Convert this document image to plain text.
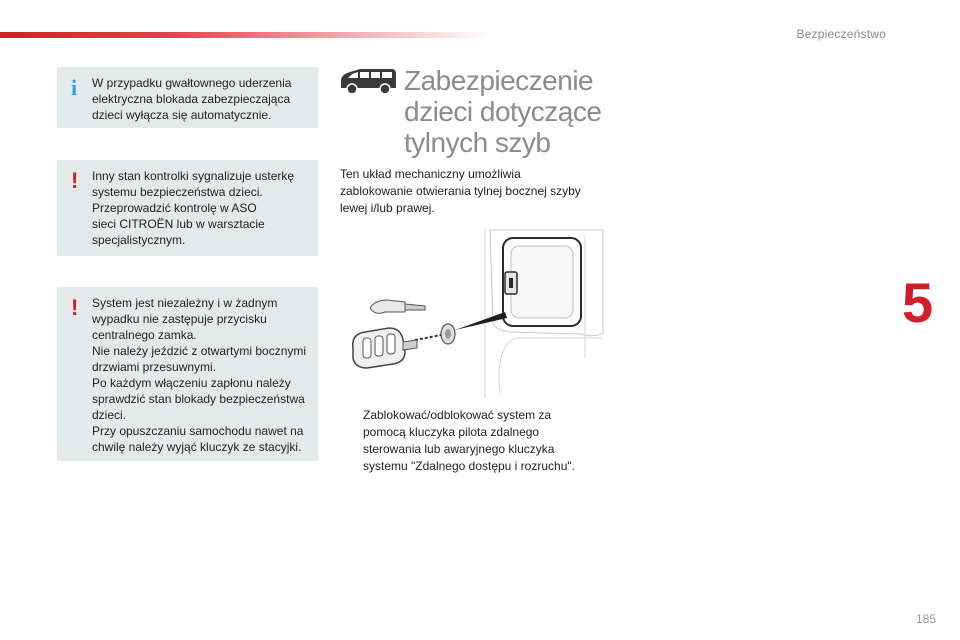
Bezpieczeństwo
5
i W przypadku gwałtownego uderzenia
elektryczna blokada zabezpieczająca
dzieci wyłącza się automatycznie.
! Inny stan kontrolki sygnalizuje usterkę
systemu bezpieczeństwa dzieci.
Przeprowadzić kontrolę w ASO
sieci CITROËN lub w warsztacie
specjalistycznym.
! System jest niezależny i w żadnym
wypadku nie zastępuje przycisku
centralnego zamka.
Nie należy jeździć z otwartymi bocznymi
drzwiami przesuwnymi.
Po każdym włączeniu zapłonu należy
sprawdzić stan blokady bezpieczeństwa
dzieci.
Przy opuszczaniu samochodu nawet na
chwilę należy wyjąć kluczyk ze stacyjki.
Zabezpieczenie
dzieci dotyczące
tylnych szyb
Ten układ mechaniczny umożliwia
zablokowanie otwierania tylnej bocznej szyby
lewej i/lub prawej.
Zablokować/odblokować system za
pomocą kluczyka pilota zdalnego
sterowania lub awaryjnego kluczyka
systemu "Zdalnego dostępu i rozruchu".
185
